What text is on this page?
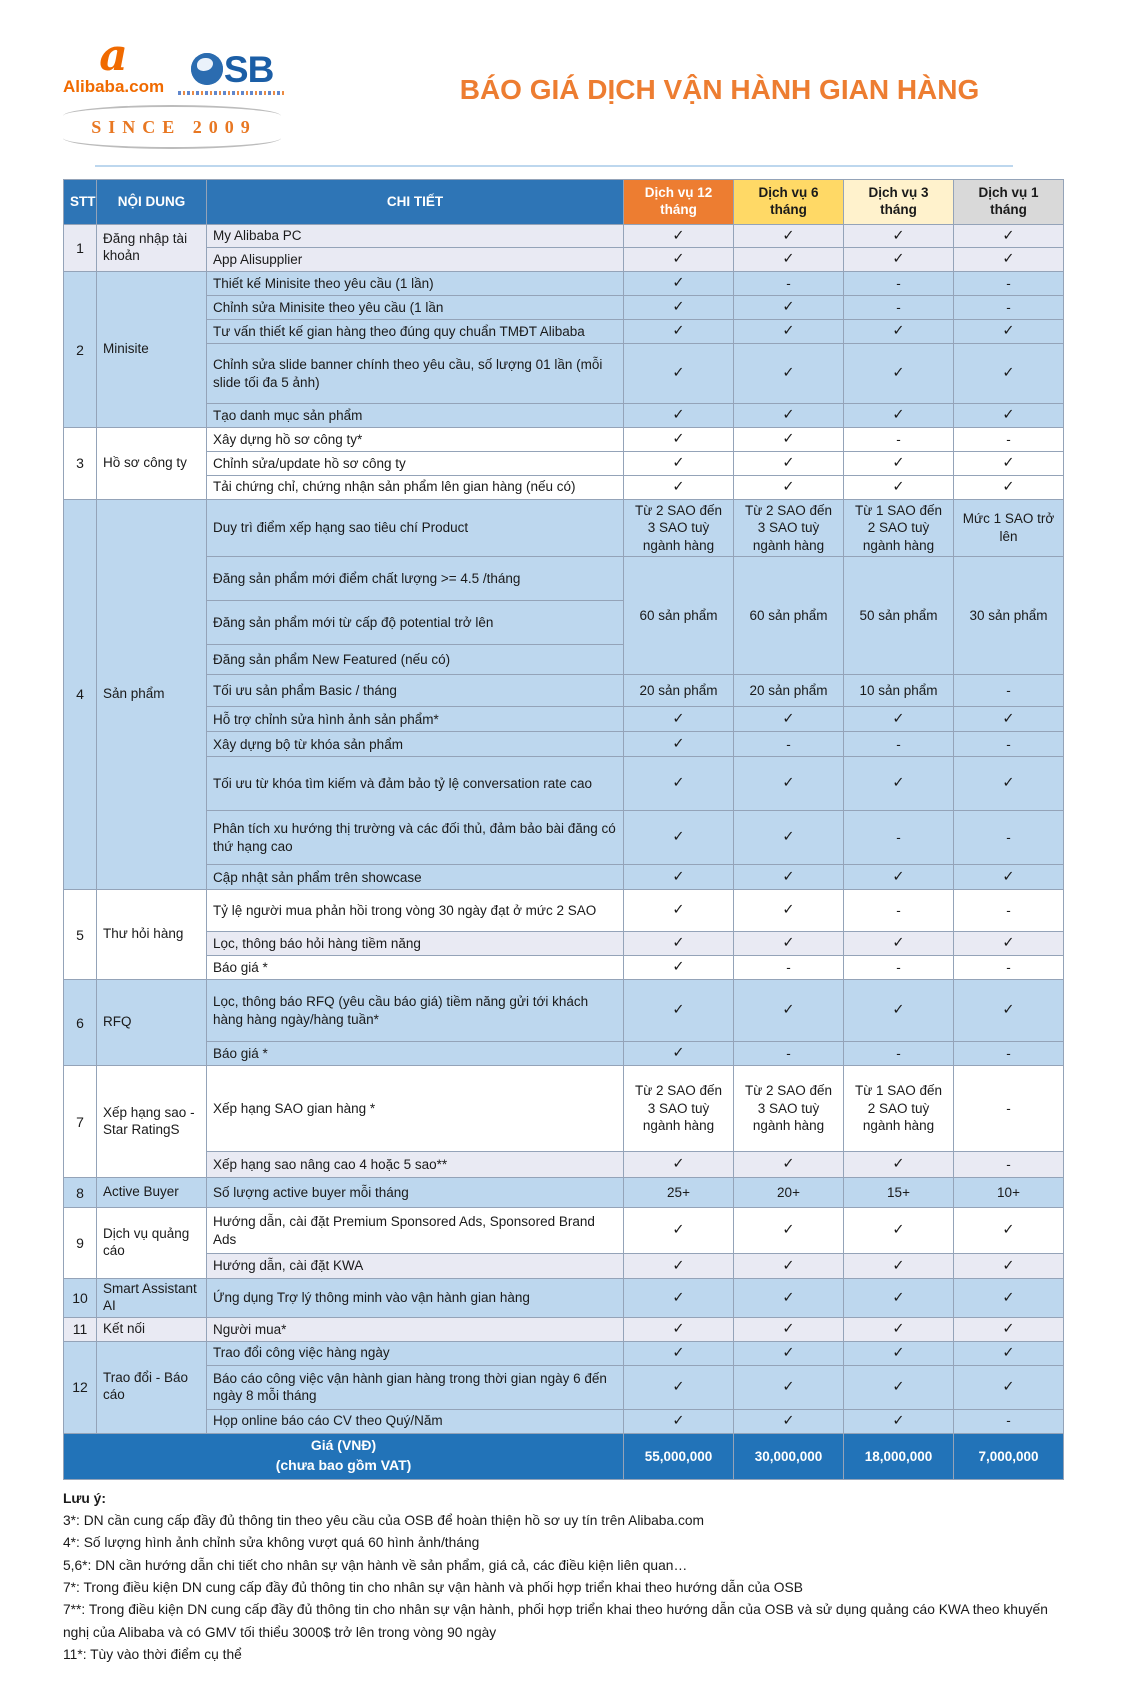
a
Alibaba.com SB
SINCE 2009
BÁO GIÁ DỊCH VẬN HÀNH GIAN HÀNG
STT	NỘI DUNG	CHI TIẾT	Dịch vụ 12 tháng	Dịch vụ 6 tháng	Dịch vụ 3 tháng	Dịch vụ 1 tháng
1	Đăng nhập tài khoản	My Alibaba PC	✓	✓	✓	✓
		App Alisupplier	✓	✓	✓	✓
2	Minisite	Thiết kế Minisite theo yêu cầu (1 lần)	✓	-	-	-
		Chỉnh sửa Minisite theo yêu cầu (1 lần	✓	✓	-	-
		Tư vấn thiết kế gian hàng theo đúng quy chuẩn TMĐT Alibaba	✓	✓	✓	✓
		Chỉnh sửa slide banner chính theo yêu cầu, số lượng 01 lần (mỗi slide tối đa 5 ảnh)	✓	✓	✓	✓
		Tạo danh mục sản phẩm	✓	✓	✓	✓
3	Hồ sơ công ty	Xây dựng hồ sơ công ty*	✓	✓	-	-
		Chỉnh sửa/update hồ sơ công ty	✓	✓	✓	✓
		Tải chứng chỉ, chứng nhận sản phẩm lên gian hàng (nếu có)	✓	✓	✓	✓
4	Sản phẩm	Duy trì điểm xếp hạng sao tiêu chí Product	Từ 2 SAO đến 3 SAO tuỳ ngành hàng	Từ 2 SAO đến 3 SAO tuỳ ngành hàng	Từ 1 SAO đến 2 SAO tuỳ ngành hàng	Mức 1 SAO trở lên
		Đăng sản phẩm mới điểm chất lượng >= 4.5 /tháng	60 sản phẩm	60 sản phẩm	50 sản phẩm	30 sản phẩm
		Đăng sản phẩm mới từ cấp độ potential trở lên				
		Đăng sản phẩm New Featured (nếu có)				
		Tối ưu sản phẩm Basic / tháng	20 sản phẩm	20 sản phẩm	10 sản phẩm	-
		Hỗ trợ chỉnh sửa hình ảnh sản phẩm*	✓	✓	✓	✓
		Xây dựng bộ từ khóa sản phẩm	✓	-	-	-
		Tối ưu từ khóa tìm kiếm và đảm bảo tỷ lệ conversation rate cao	✓	✓	✓	✓
		Phân tích xu hướng thị trường và các đối thủ, đảm bảo bài đăng có thứ hạng cao	✓	✓	-	-
		Cập nhật sản phẩm trên showcase	✓	✓	✓	✓
5	Thư hỏi hàng	Tỷ lệ người mua phản hồi trong vòng 30 ngày đạt ở mức 2 SAO	✓	✓	-	-
		Lọc, thông báo hỏi hàng tiềm năng	✓	✓	✓	✓
		Báo giá *	✓	-	-	-
6	RFQ	Lọc, thông báo RFQ (yêu cầu báo giá) tiềm năng gửi tới khách hàng hàng ngày/hàng tuần*	✓	✓	✓	✓
		Báo giá *	✓	-	-	-
7	Xếp hạng sao - Star RatingS	Xếp hạng SAO gian hàng *	Từ 2 SAO đến 3 SAO tuỳ ngành hàng	Từ 2 SAO đến 3 SAO tuỳ ngành hàng	Từ 1 SAO đến 2 SAO tuỳ ngành hàng	-
		Xếp hạng sao nâng cao 4 hoặc 5 sao**	✓	✓	✓	-
8	Active Buyer	Số lượng active buyer mỗi tháng	25+	20+	15+	10+
9	Dịch vụ quảng cáo	Hướng dẫn, cài đặt Premium Sponsored Ads, Sponsored Brand Ads	✓	✓	✓	✓
		Hướng dẫn, cài đặt KWA	✓	✓	✓	✓
10	Smart Assistant AI	Ứng dụng Trợ lý thông minh vào vận hành gian hàng	✓	✓	✓	✓
11	Kết nối	Người mua*	✓	✓	✓	✓
12	Trao đổi - Báo cáo	Trao đổi công việc hàng ngày	✓	✓	✓	✓
		Báo cáo công việc vận hành gian hàng trong thời gian ngày 6 đến ngày 8 mỗi tháng	✓	✓	✓	✓
		Họp online báo cáo CV theo Quý/Năm	✓	✓	✓	-

Giá (VNĐ)
(chưa bao gồm VAT)			55,000,000	30,000,000	18,000,000	7,000,000
Lưu ý:
3*: DN cần cung cấp đầy đủ thông tin theo yêu cầu của OSB để hoàn thiện hồ sơ uy tín trên Alibaba.com
4*: Số lượng hình ảnh chỉnh sửa không vượt quá 60 hình ảnh/tháng
5,6*: DN cần hướng dẫn chi tiết cho nhân sự vận hành về sản phẩm, giá cả, các điều kiện liên quan…
7*: Trong điều kiện DN cung cấp đầy đủ thông tin cho nhân sự vận hành và phối hợp triển khai theo hướng dẫn của OSB
7**: Trong điều kiện DN cung cấp đầy đủ thông tin cho nhân sự vận hành, phối hợp triển khai theo hướng dẫn của OSB và sử dụng quảng cáo KWA theo khuyến nghị của Alibaba và có GMV tối thiểu 3000$ trở lên trong vòng 90 ngày
11*: Tùy vào thời điểm cụ thể
